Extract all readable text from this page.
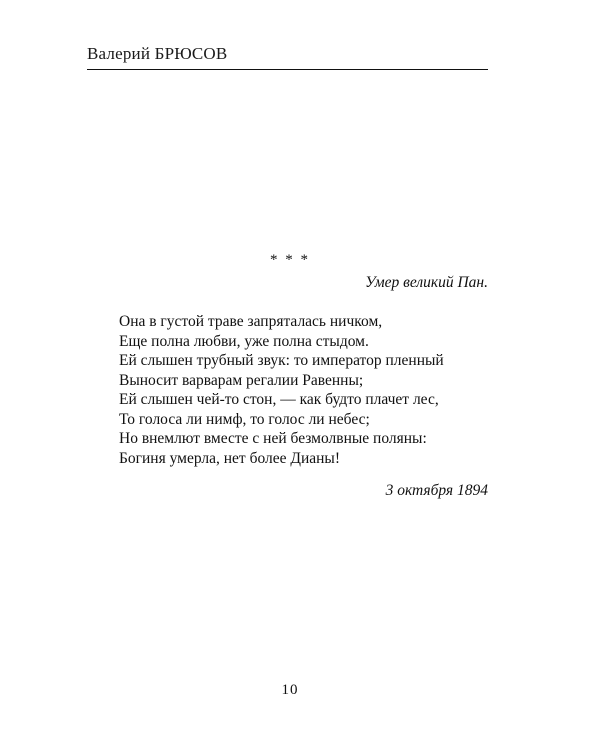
Валерий БРЮСОВ
* * *
Умер великий Пан.
Она в густой траве запряталась ничком,
Еще полна любви, уже полна стыдом.
Ей слышен трубный звук: то император пленный
Выносит варварам регалии Равенны;
Ей слышен чей-то стон, — как будто плачет лес,
То голоса ли нимф, то голос ли небес;
Но внемлют вместе с ней безмолвные поляны:
Богиня умерла, нет более Дианы!
3 октября 1894
10
